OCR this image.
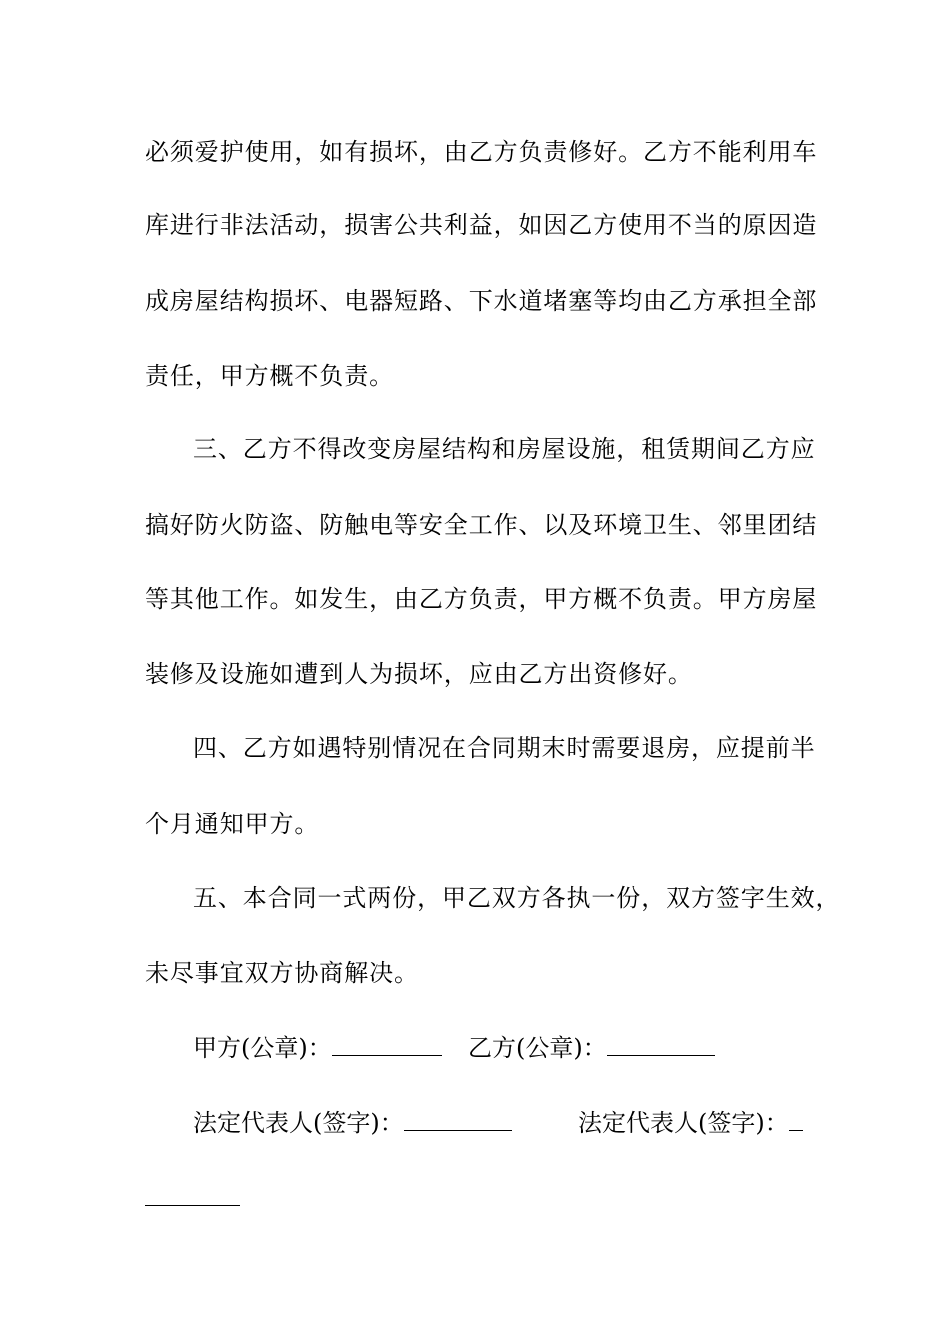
必须爱护使用，如有损坏，由乙方负责修好。乙方不能利用车
库进行非法活动，损害公共利益，如因乙方使用不当的原因造
成房屋结构损坏、电器短路、下水道堵塞等均由乙方承担全部
责任，甲方概不负责。
三、乙方不得改变房屋结构和房屋设施，租赁期间乙方应
搞好防火防盗、防触电等安全工作、以及环境卫生、邻里团结
等其他工作。如发生，由乙方负责，甲方概不负责。甲方房屋
装修及设施如遭到人为损坏，应由乙方出资修好。
四、乙方如遇特别情况在合同期末时需要退房，应提前半
个月通知甲方。
五、本合同一式两份，甲乙双方各执一份，双方签字生效，
未尽事宜双方协商解决。
甲方(公章)：	乙方(公章)：
法定代表人(签字)：	法定代表人(签字)：
